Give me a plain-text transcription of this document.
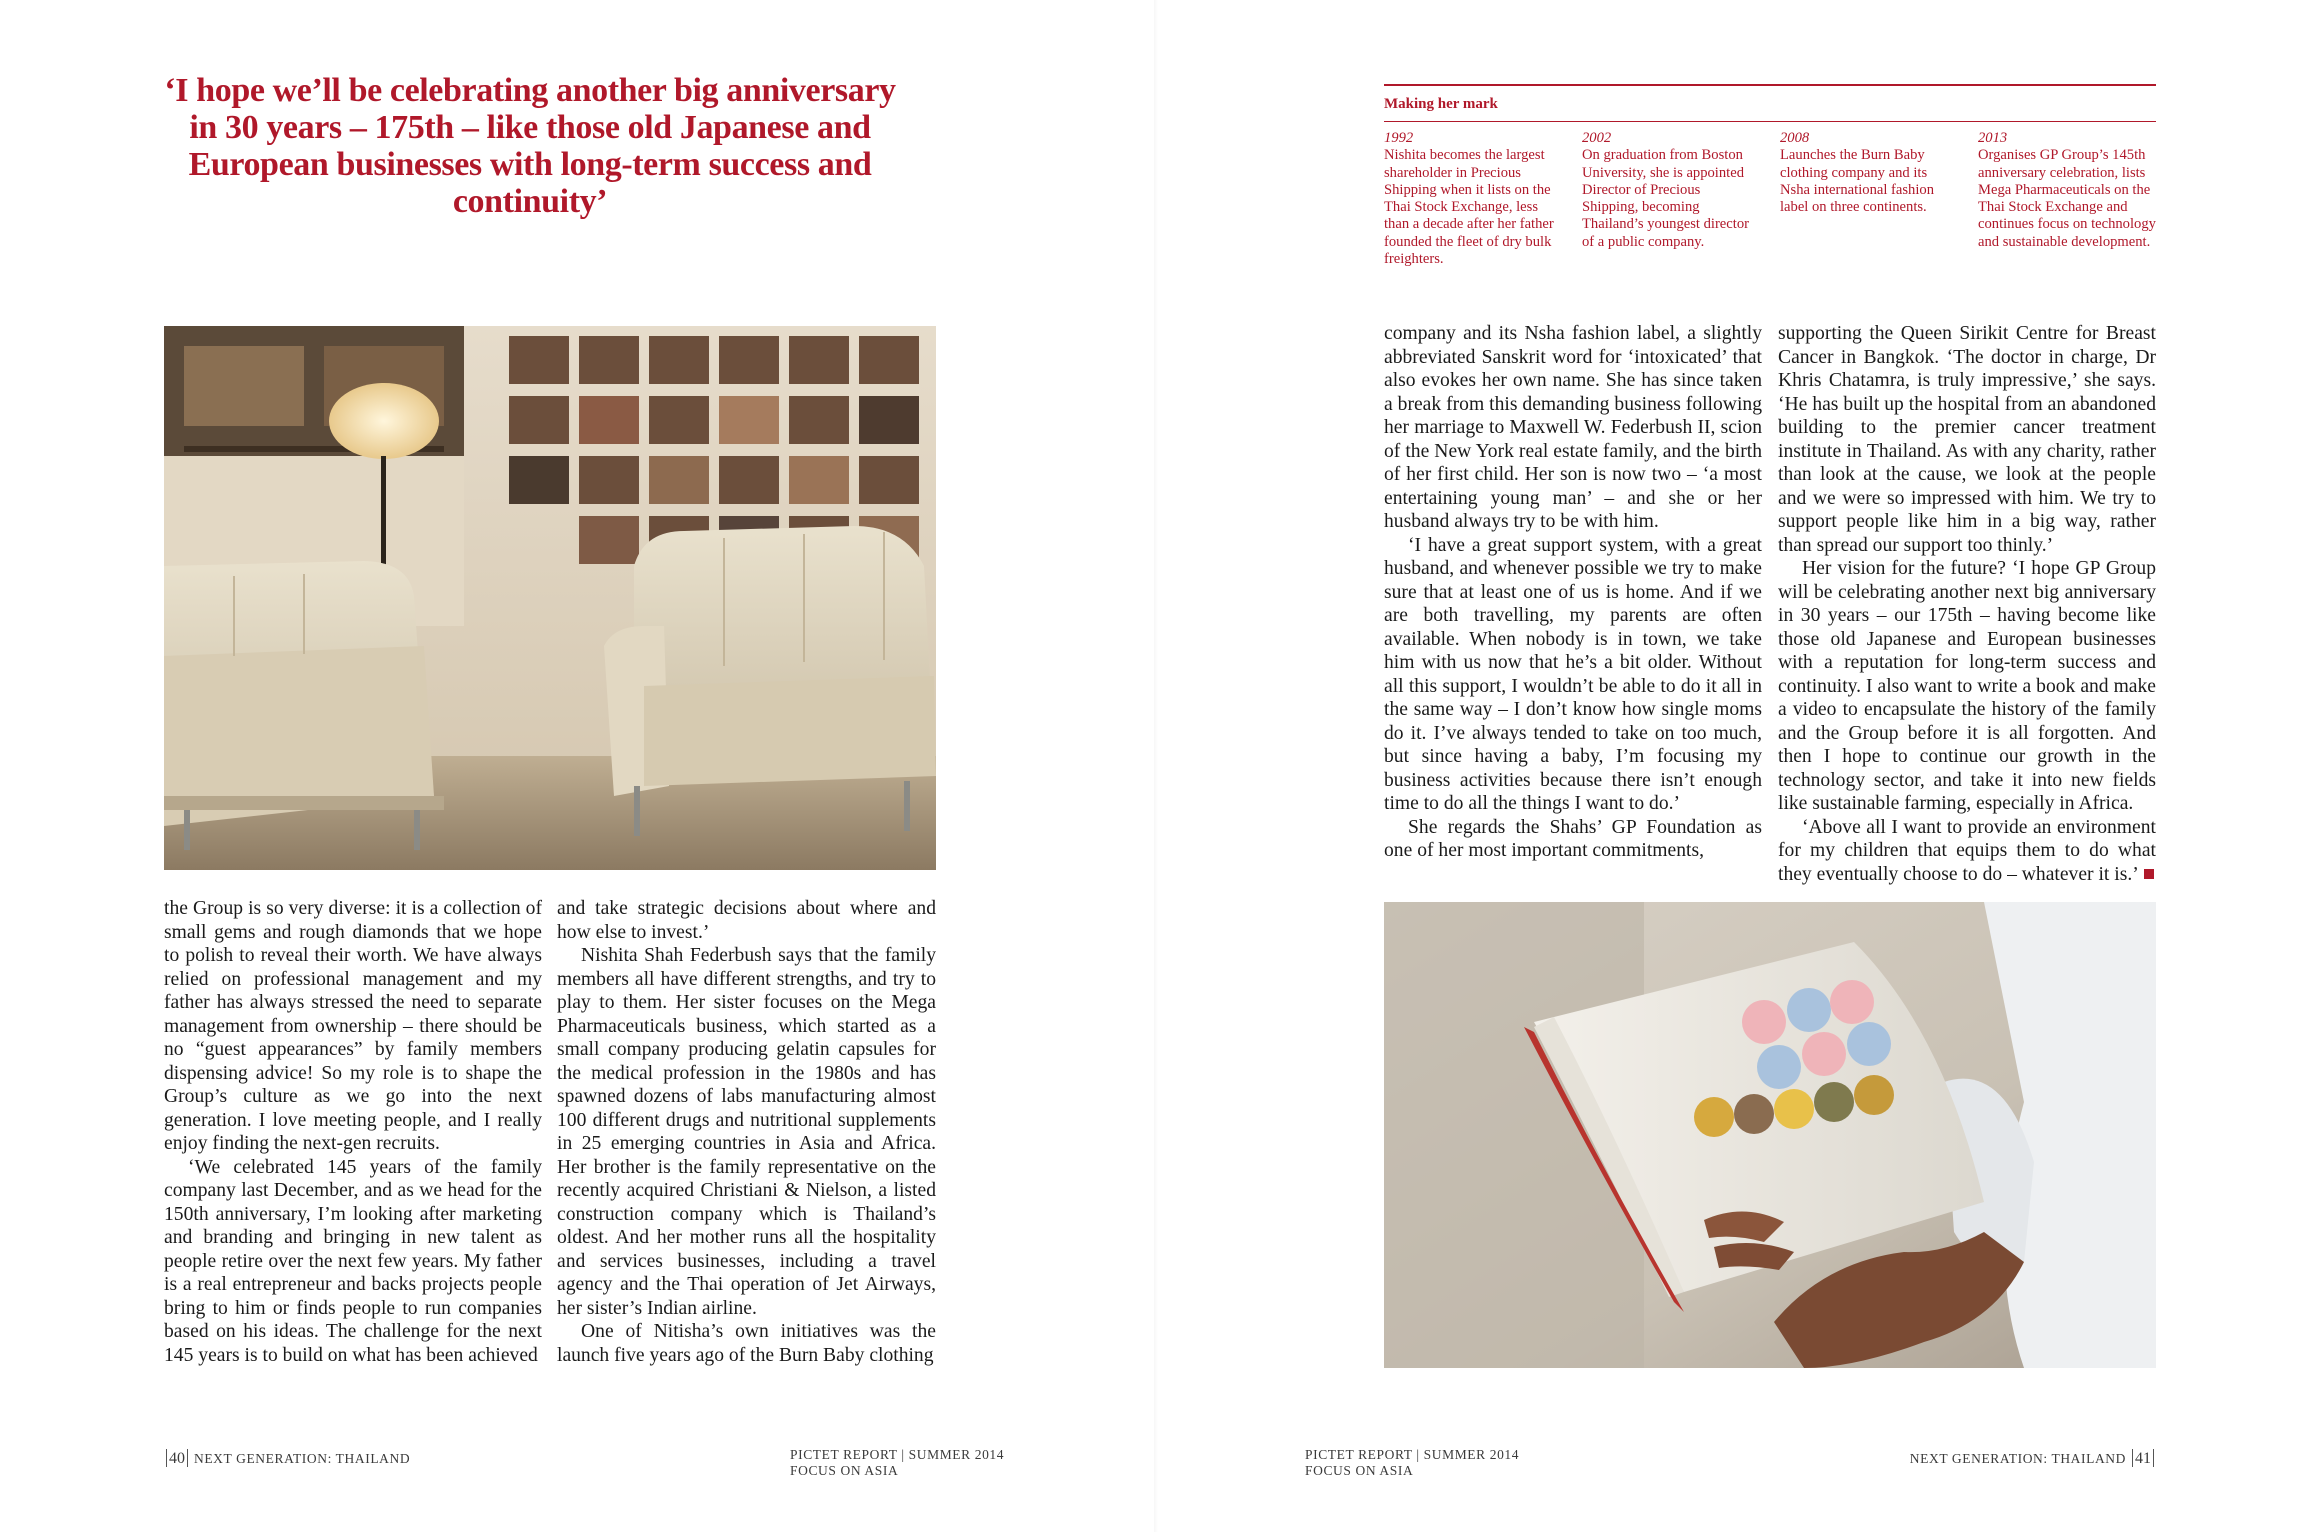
‘I hope we’ll be celebrating another big anniversary in 30 years – 175th – like those old Japanese and European businesses with long-term success and continuity’

the Group is so very diverse: it is a collection of small gems and rough diamonds that we hope to polish to reveal their worth. We have always relied on professional management and my father has always stressed the need to separate management from ownership – there should be no “guest appearances” by family members dispensing advice! So my role is to shape the Group’s culture as we go into the next generation. I love meeting people, and I really enjoy finding the next-gen recruits.

‘We celebrated 145 years of the family company last December, and as we head for the 150th anniversary, I’m looking after marketing and branding and bringing in new talent as people retire over the next few years. My father is a real entrepreneur and backs projects people bring to him or finds people to run companies based on his ideas. The challenge for the next 145 years is to build on what has been achieved

and take strategic decisions about where and how else to invest.’

Nishita Shah Federbush says that the family members all have different strengths, and try to play to them. Her sister focuses on the Mega Pharmaceuticals business, which started as a small company producing gelatin capsules for the medical profession in the 1980s and has spawned dozens of labs manufacturing almost 100 different drugs and nutritional supplements in 25 emerging countries in Asia and Africa. Her brother is the family representative on the recently acquired Christiani & Nielson, a listed construction company which is Thailand’s oldest. And her mother runs all the hospitality and services businesses, including a travel agency and the Thai operation of Jet Airways, her sister’s Indian airline.

One of Nitisha’s own initiatives was the launch five years ago of the Burn Baby clothing

40 NEXT GENERATION: THAILAND	PICTET REPORT | SUMMER 2014
FOCUS ON ASIA
Making her mark
1992
Nishita becomes the largest shareholder in Precious Shipping when it lists on the Thai Stock Exchange, less than a decade after her father founded the fleet of dry bulk freighters.
2002
On graduation from Boston University, she is appointed Director of Precious Shipping, becoming Thailand’s youngest director of a public company.
2008
Launches the Burn Baby clothing company and its Nsha international fashion label on three continents.
2013
Organises GP Group’s 145th anniversary celebration, lists Mega Pharmaceuticals on the Thai Stock Exchange and continues focus on technology and sustainable development.

company and its Nsha fashion label, a slightly abbreviated Sanskrit word for ‘intoxicated’ that also evokes her own name. She has since taken a break from this demanding business following her marriage to Maxwell W. Federbush II, scion of the New York real estate family, and the birth of her first child. Her son is now two – ‘a most entertaining young man’ – and she or her husband always try to be with him.

‘I have a great support system, with a great husband, and whenever possible we try to make sure that at least one of us is home. And if we are both travelling, my parents are often available. When nobody is in town, we take him with us now that he’s a bit older. Without all this support, I wouldn’t be able to do it all in the same way – I don’t know how single moms do it. I’ve always tended to take on too much, but since having a baby, I’m focusing my business activities because there isn’t enough time to do all the things I want to do.’

She regards the Shahs’ GP Foundation as one of her most important commitments,

supporting the Queen Sirikit Centre for Breast Cancer in Bangkok. ‘The doctor in charge, Dr Khris Chatamra, is truly impressive,’ she says. ‘He has built up the hospital from an abandoned building to the premier cancer treatment institute in Thailand. As with any charity, rather than look at the cause, we look at the people and we were so impressed with him. We try to support people like him in a big way, rather than spread our support too thinly.’

Her vision for the future? ‘I hope GP Group will be celebrating another next big anniversary in 30 years – our 175th – having become like those old Japanese and European businesses with a reputation for long-term success and continuity. I also want to write a book and make a video to encapsulate the history of the family and the Group before it is all forgotten. And then I hope to continue our growth in the technology sector, and take it into new fields like sustainable farming, especially in Africa.

‘Above all I want to provide an environment for my children that equips them to do what they eventually choose to do – whatever it is.’

PICTET REPORT | SUMMER 2014
FOCUS ON ASIA
NEXT GENERATION: THAILAND 41
